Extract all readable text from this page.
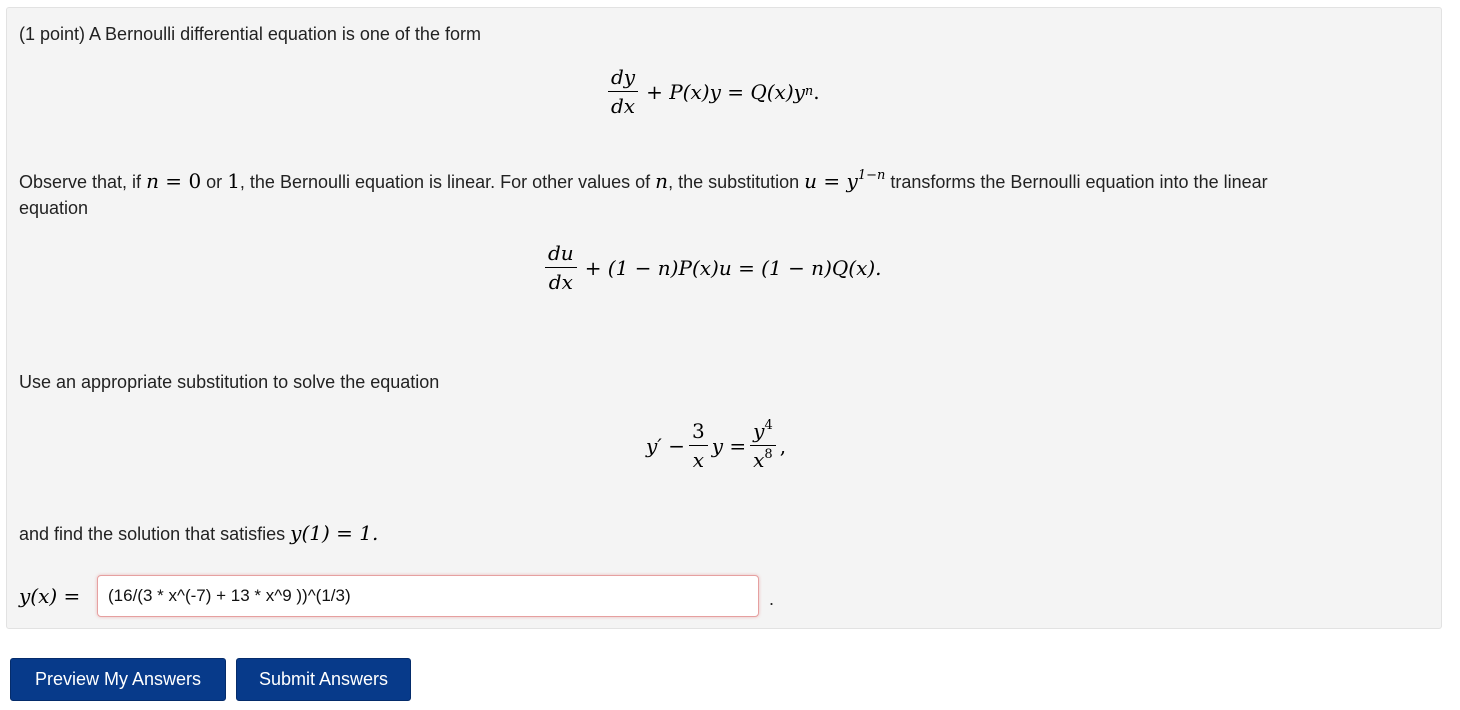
(1 point) A Bernoulli differential equation is one of the form
$\frac{dy}{dx} + P(x)y = Q(x)y$ n .
Observe that, if n = 0 or 1, the Bernoulli equation is linear. For other values of n, the substitution $u = y^{1-n}$ transforms the Bernoulli equation into the linear
equation
$\frac{du}{dx} + (1 - n)P(x)u = (1 - n)Q(x)$.
Use an appropriate substitution to solve the equation
$y' - \frac{3}{x}$ $y = \frac{y^4}{x^8}$ ,
and find the solution that satisfies y(1) = 1.
y(x) =
(16/(3 * x^(-7) + 13 * x^9 ))^(1/3)	.
Preview My Answers	Submit Answers
